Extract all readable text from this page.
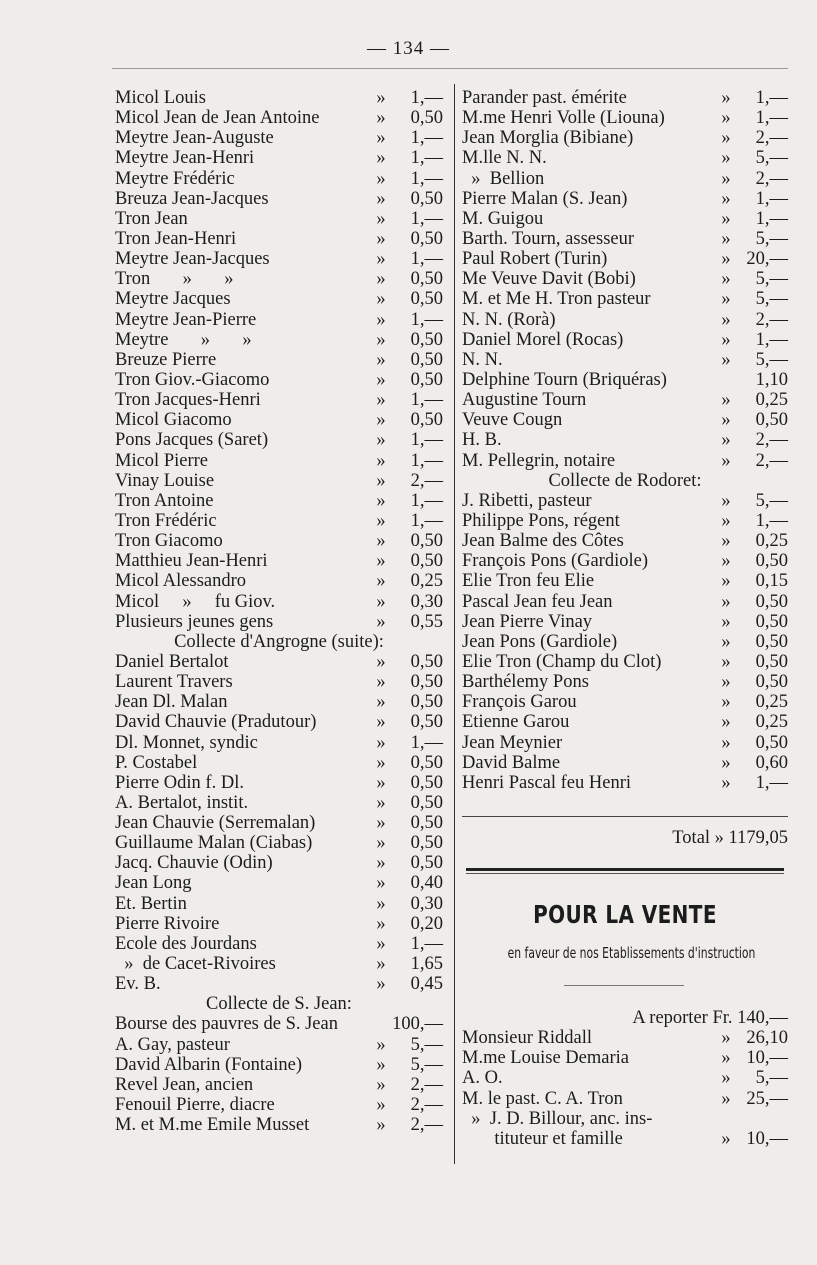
— 134 —
Micol Louis	»	1,—
Micol Jean de Jean Antoine	»	0,50
Meytre Jean-Auguste	»	1,—
Meytre Jean-Henri	»	1,—
Meytre Frédéric	»	1,—
Breuza Jean-Jacques	»	0,50
Tron Jean	»	1,—
Tron Jean-Henri	»	0,50
Meytre Jean-Jacques	»	1,—
Tron       »       »	»	0,50
Meytre Jacques	»	0,50
Meytre Jean-Pierre	»	1,—
Meytre       »       »	»	0,50
Breuze Pierre	»	0,50
Tron Giov.-Giacomo	»	0,50
Tron Jacques-Henri	»	1,—
Micol Giacomo	»	0,50
Pons Jacques (Saret)	»	1,—
Micol Pierre	»	1,—
Vinay Louise	»	2,—
Tron Antoine	»	1,—
Tron Frédéric	»	1,—
Tron Giacomo	»	0,50
Matthieu Jean-Henri	»	0,50
Micol Alessandro	»	0,25
Micol     »     fu Giov.	»	0,30
Plusieurs jeunes gens	»	0,55
Collecte d'Angrogne (suite):
Daniel Bertalot	»	0,50
Laurent Travers	»	0,50
Jean Dl. Malan	»	0,50
David Chauvie (Pradutour)	»	0,50
Dl. Monnet, syndic	»	1,—
P. Costabel	»	0,50
Pierre Odin f. Dl.	»	0,50
A. Bertalot, instit.	»	0,50
Jean Chauvie (Serremalan)	»	0,50
Guillaume Malan (Ciabas)	»	0,50
Jacq. Chauvie (Odin)	»	0,50
Jean Long	»	0,40
Et. Bertin	»	0,30
Pierre Rivoire	»	0,20
Ecole des Jourdans	»	1,—
»  de Cacet-Rivoires	»	1,65
Ev. B.	»	0,45
Collecte de S. Jean:
Bourse des pauvres de S. Jean	100,—
A. Gay, pasteur	»	5,—
David Albarin (Fontaine)	»	5,—
Revel Jean, ancien	»	2,—
Fenouil Pierre, diacre	»	2,—
M. et M.me Emile Musset	»	2,—
Parander past. émérite	»	1,—
M.me Henri Volle (Liouna)	»	1,—
Jean Morglia (Bibiane)	»	2,—
M.lle N. N.	»	5,—
»  Bellion	»	2,—
Pierre Malan (S. Jean)	»	1,—
M. Guigou	»	1,—
Barth. Tourn, assesseur	»	5,—
Paul Robert (Turin)	» 20,—
Me Veuve Davit (Bobi)	»	5,—
M. et Me H. Tron pasteur	»	5,—
N. N. (Rorà)	»	2,—
Daniel Morel (Rocas)	»	1,—
N. N.	»	5,—
Delphine Tourn (Briquéras)	1,10
Augustine Tourn	»	0,25
Veuve Cougn	»	0,50
H. B.	»	2,—
M. Pellegrin, notaire	»	2,—
Collecte de Rodoret:
J. Ribetti, pasteur	»	5,—
Philippe Pons, régent	»	1,—
Jean Balme des Côtes	»	0,25
François Pons (Gardiole)	»	0,50
Elie Tron feu Elie	»	0,15
Pascal Jean feu Jean	»	0,50
Jean Pierre Vinay	»	0,50
Jean Pons (Gardiole)	»	0,50
Elie Tron (Champ du Clot)	»	0,50
Barthélemy Pons	»	0,50
François Garou	»	0,25
Etienne Garou	»	0,25
Jean Meynier	»	0,50
David Balme	»	0,60
Henri Pascal feu Henri	»	1,—
Total » 1179,05
POUR LA VENTE
en faveur de nos Etablissements d'instruction
A reporter Fr. 140,—
Monsieur Riddall	» 26,10
M.me Louise Demaria	» 10,—
A. O.	»	5,—
M. le past. C. A. Tron	» 25,—
»  J. D. Billour, anc. ins-
tituteur et famille	» 10,—
